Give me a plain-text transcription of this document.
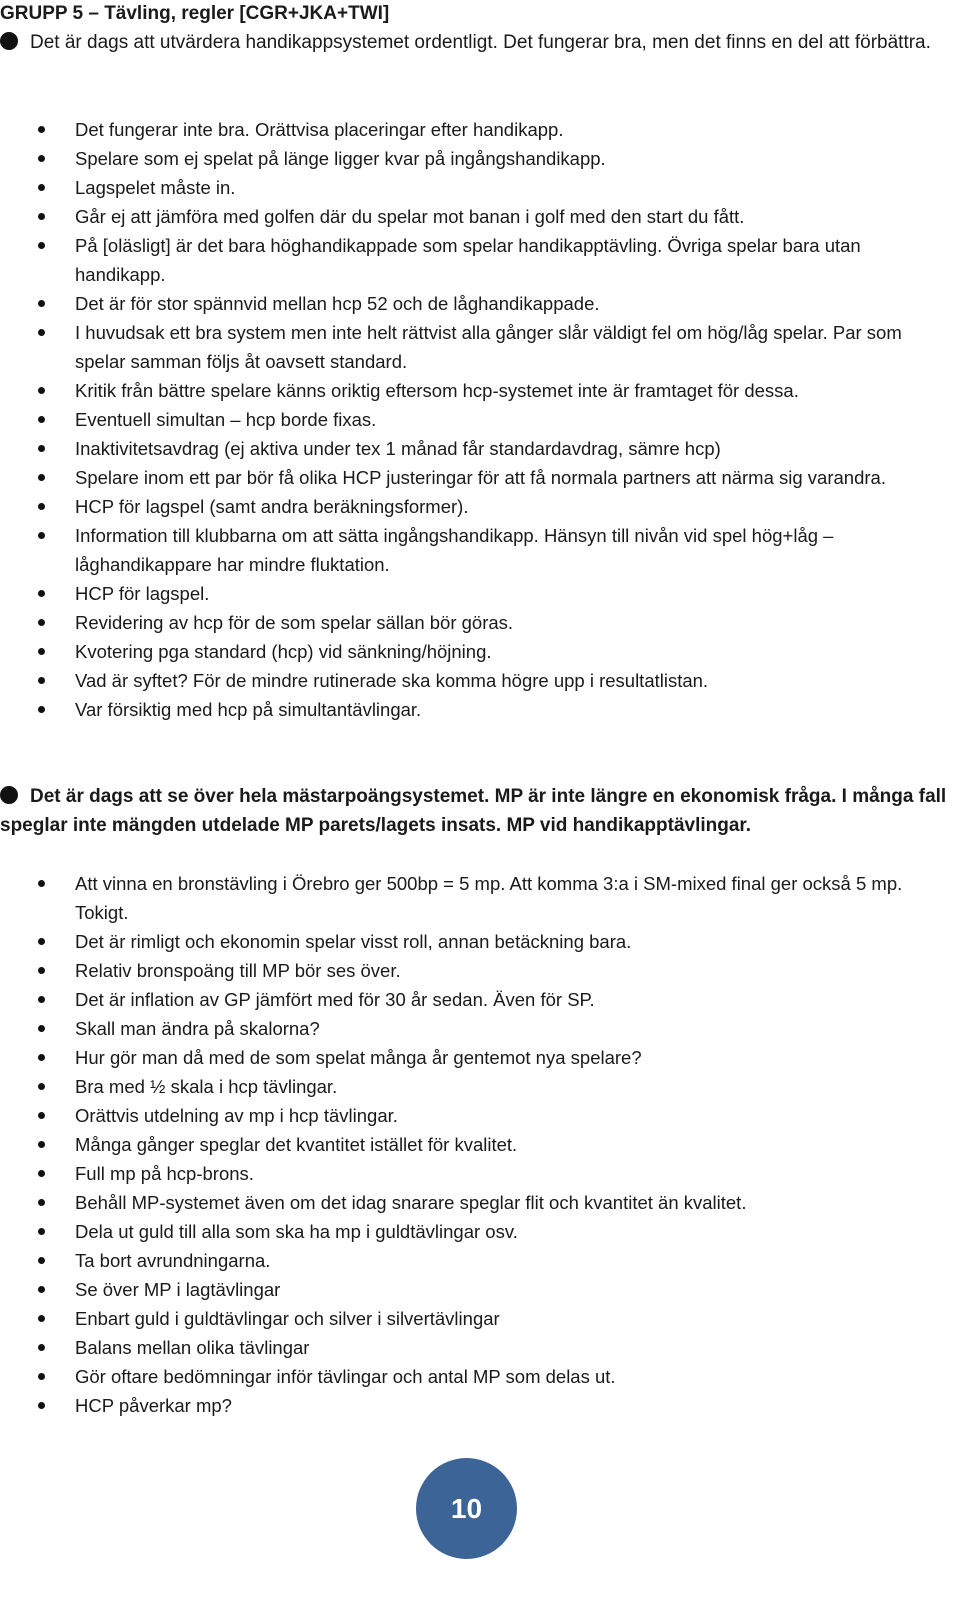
GRUPP 5 – Tävling, regler [CGR+JKA+TWI]
Det är dags att utvärdera handikappsystemet ordentligt. Det fungerar bra, men det finns en del att förbättra.
Det fungerar inte bra. Orättvisa placeringar efter handikapp.
Spelare som ej spelat på länge ligger kvar på ingångshandikapp.
Lagspelet måste in.
Går ej att jämföra med golfen där du spelar mot banan i golf med den start du fått.
På [oläsligt] är det bara höghandikappade som spelar handikapptävling. Övriga spelar bara utan handikapp.
Det är för stor spännvid mellan hcp 52 och de låghandikappade.
I huvudsak ett bra system men inte helt rättvist alla gånger slår väldigt fel om hög/låg spelar. Par som spelar samman följs åt oavsett standard.
Kritik från bättre spelare känns oriktig eftersom hcp-systemet inte är framtaget för dessa.
Eventuell simultan – hcp borde fixas.
Inaktivitetsavdrag (ej aktiva under tex 1 månad får standardavdrag, sämre hcp)
Spelare inom ett par bör få olika HCP justeringar för att få normala partners att närma sig varandra.
HCP för lagspel (samt andra beräkningsformer).
Information till klubbarna om att sätta ingångshandikapp. Hänsyn till nivån vid spel hög+låg – låghandikappare har mindre fluktation.
HCP för lagspel.
Revidering av hcp för de som spelar sällan bör göras.
Kvotering pga standard (hcp) vid sänkning/höjning.
Vad är syftet? För de mindre rutinerade ska komma högre upp i resultatlistan.
Var försiktig med hcp på simultantävlingar.
Det är dags att se över hela mästarpoängsystemet. MP är inte längre en ekonomisk fråga. I många fall speglar inte mängden utdelade MP parets/lagets insats. MP vid handikapptävlingar.
Att vinna en bronstävling i Örebro ger 500bp = 5 mp. Att komma 3:a i SM-mixed final ger också 5 mp. Tokigt.
Det är rimligt och ekonomin spelar visst roll, annan betäckning bara.
Relativ bronspoäng till MP bör ses över.
Det är inflation av GP jämfört med för 30 år sedan. Även för SP.
Skall man ändra på skalorna?
Hur gör man då med de som spelat många år gentemot nya spelare?
Bra med ½ skala i hcp tävlingar.
Orättvis utdelning av mp i hcp tävlingar.
Många gånger speglar det kvantitet istället för kvalitet.
Full mp på hcp-brons.
Behåll MP-systemet även om det idag snarare speglar flit och kvantitet än kvalitet.
Dela ut guld till alla som ska ha mp i guldtävlingar osv.
Ta bort avrundningarna.
Se över MP i lagtävlingar
Enbart guld i guldtävlingar och silver i silvertävlingar
Balans mellan olika tävlingar
Gör oftare bedömningar inför tävlingar och antal MP som delas ut.
HCP påverkar mp?
10
